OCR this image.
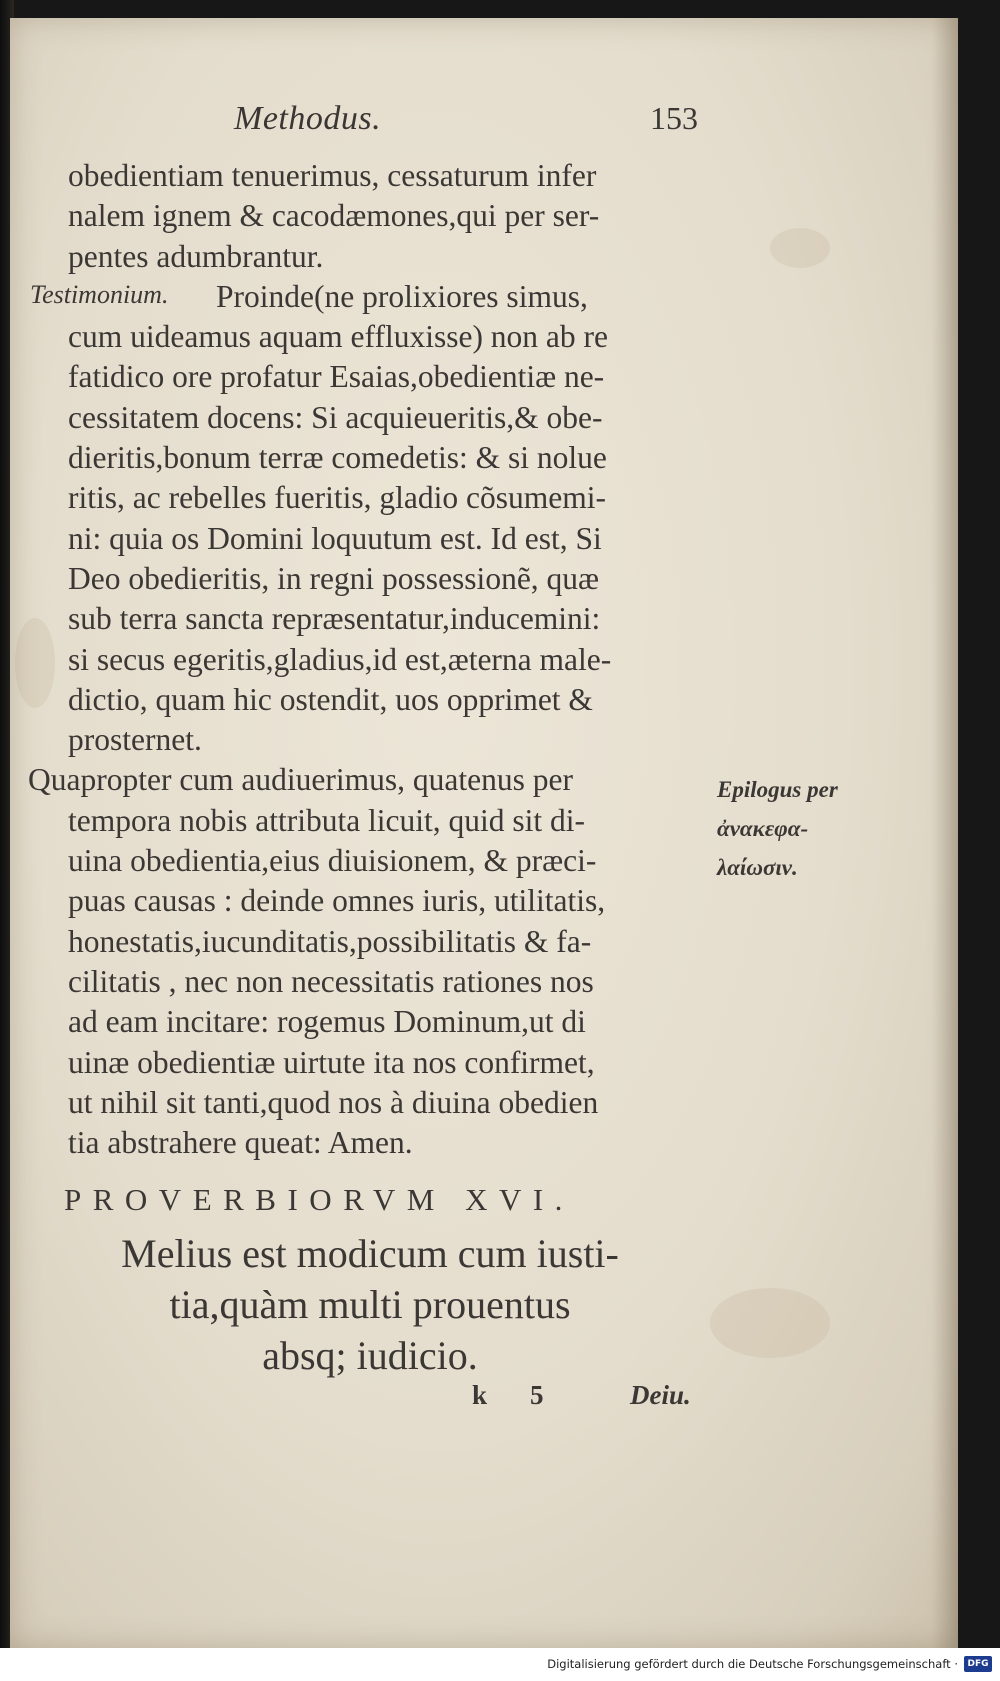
Methodus.	153
Testimonium.
Epilogus per
ἀνακεφα-
λαίωσιν.
obedientiam tenuerimus, cessaturum infer
nalem ignem & cacodæmones,qui per ser-
pentes adumbrantur.
Proinde(ne prolixiores simus,
cum uideamus aquam effluxisse) non ab re
fatidico ore profatur Esaias,obedientiæ ne-
cessitatem docens: Si acquieueritis,& obe-
dieritis,bonum terræ comedetis: & si nolue
ritis, ac rebelles fueritis, gladio cõsumemi-
ni: quia os Domini loquutum est. Id est, Si
Deo obedieritis, in regni possessionẽ, quæ
sub terra sancta repræsentatur,inducemini:
si secus egeritis,gladius,id est,æterna male-
dictio, quam hic ostendit, uos opprimet &
prosternet.
Quapropter cum audiuerimus, quatenus per
tempora nobis attributa licuit, quid sit di-
uina obedientia,eius diuisionem, & præci-
puas causas : deinde omnes iuris, utilitatis,
honestatis,iucunditatis,possibilitatis & fa-
cilitatis , nec non necessitatis rationes nos
ad eam incitare: rogemus Dominum,ut di
uinæ obedientiæ uirtute ita nos confirmet,
ut nihil sit tanti,quod nos à diuina obedien
tia abstrahere queat: Amen.
PROVERBIORVM XVI.
Melius est modicum cum iusti-
tia,quàm multi prouentus
absq; iudicio.
k 5	Deiu.
Digitalisierung gefördert durch die Deutsche Forschungsgemeinschaft ·	DFG
